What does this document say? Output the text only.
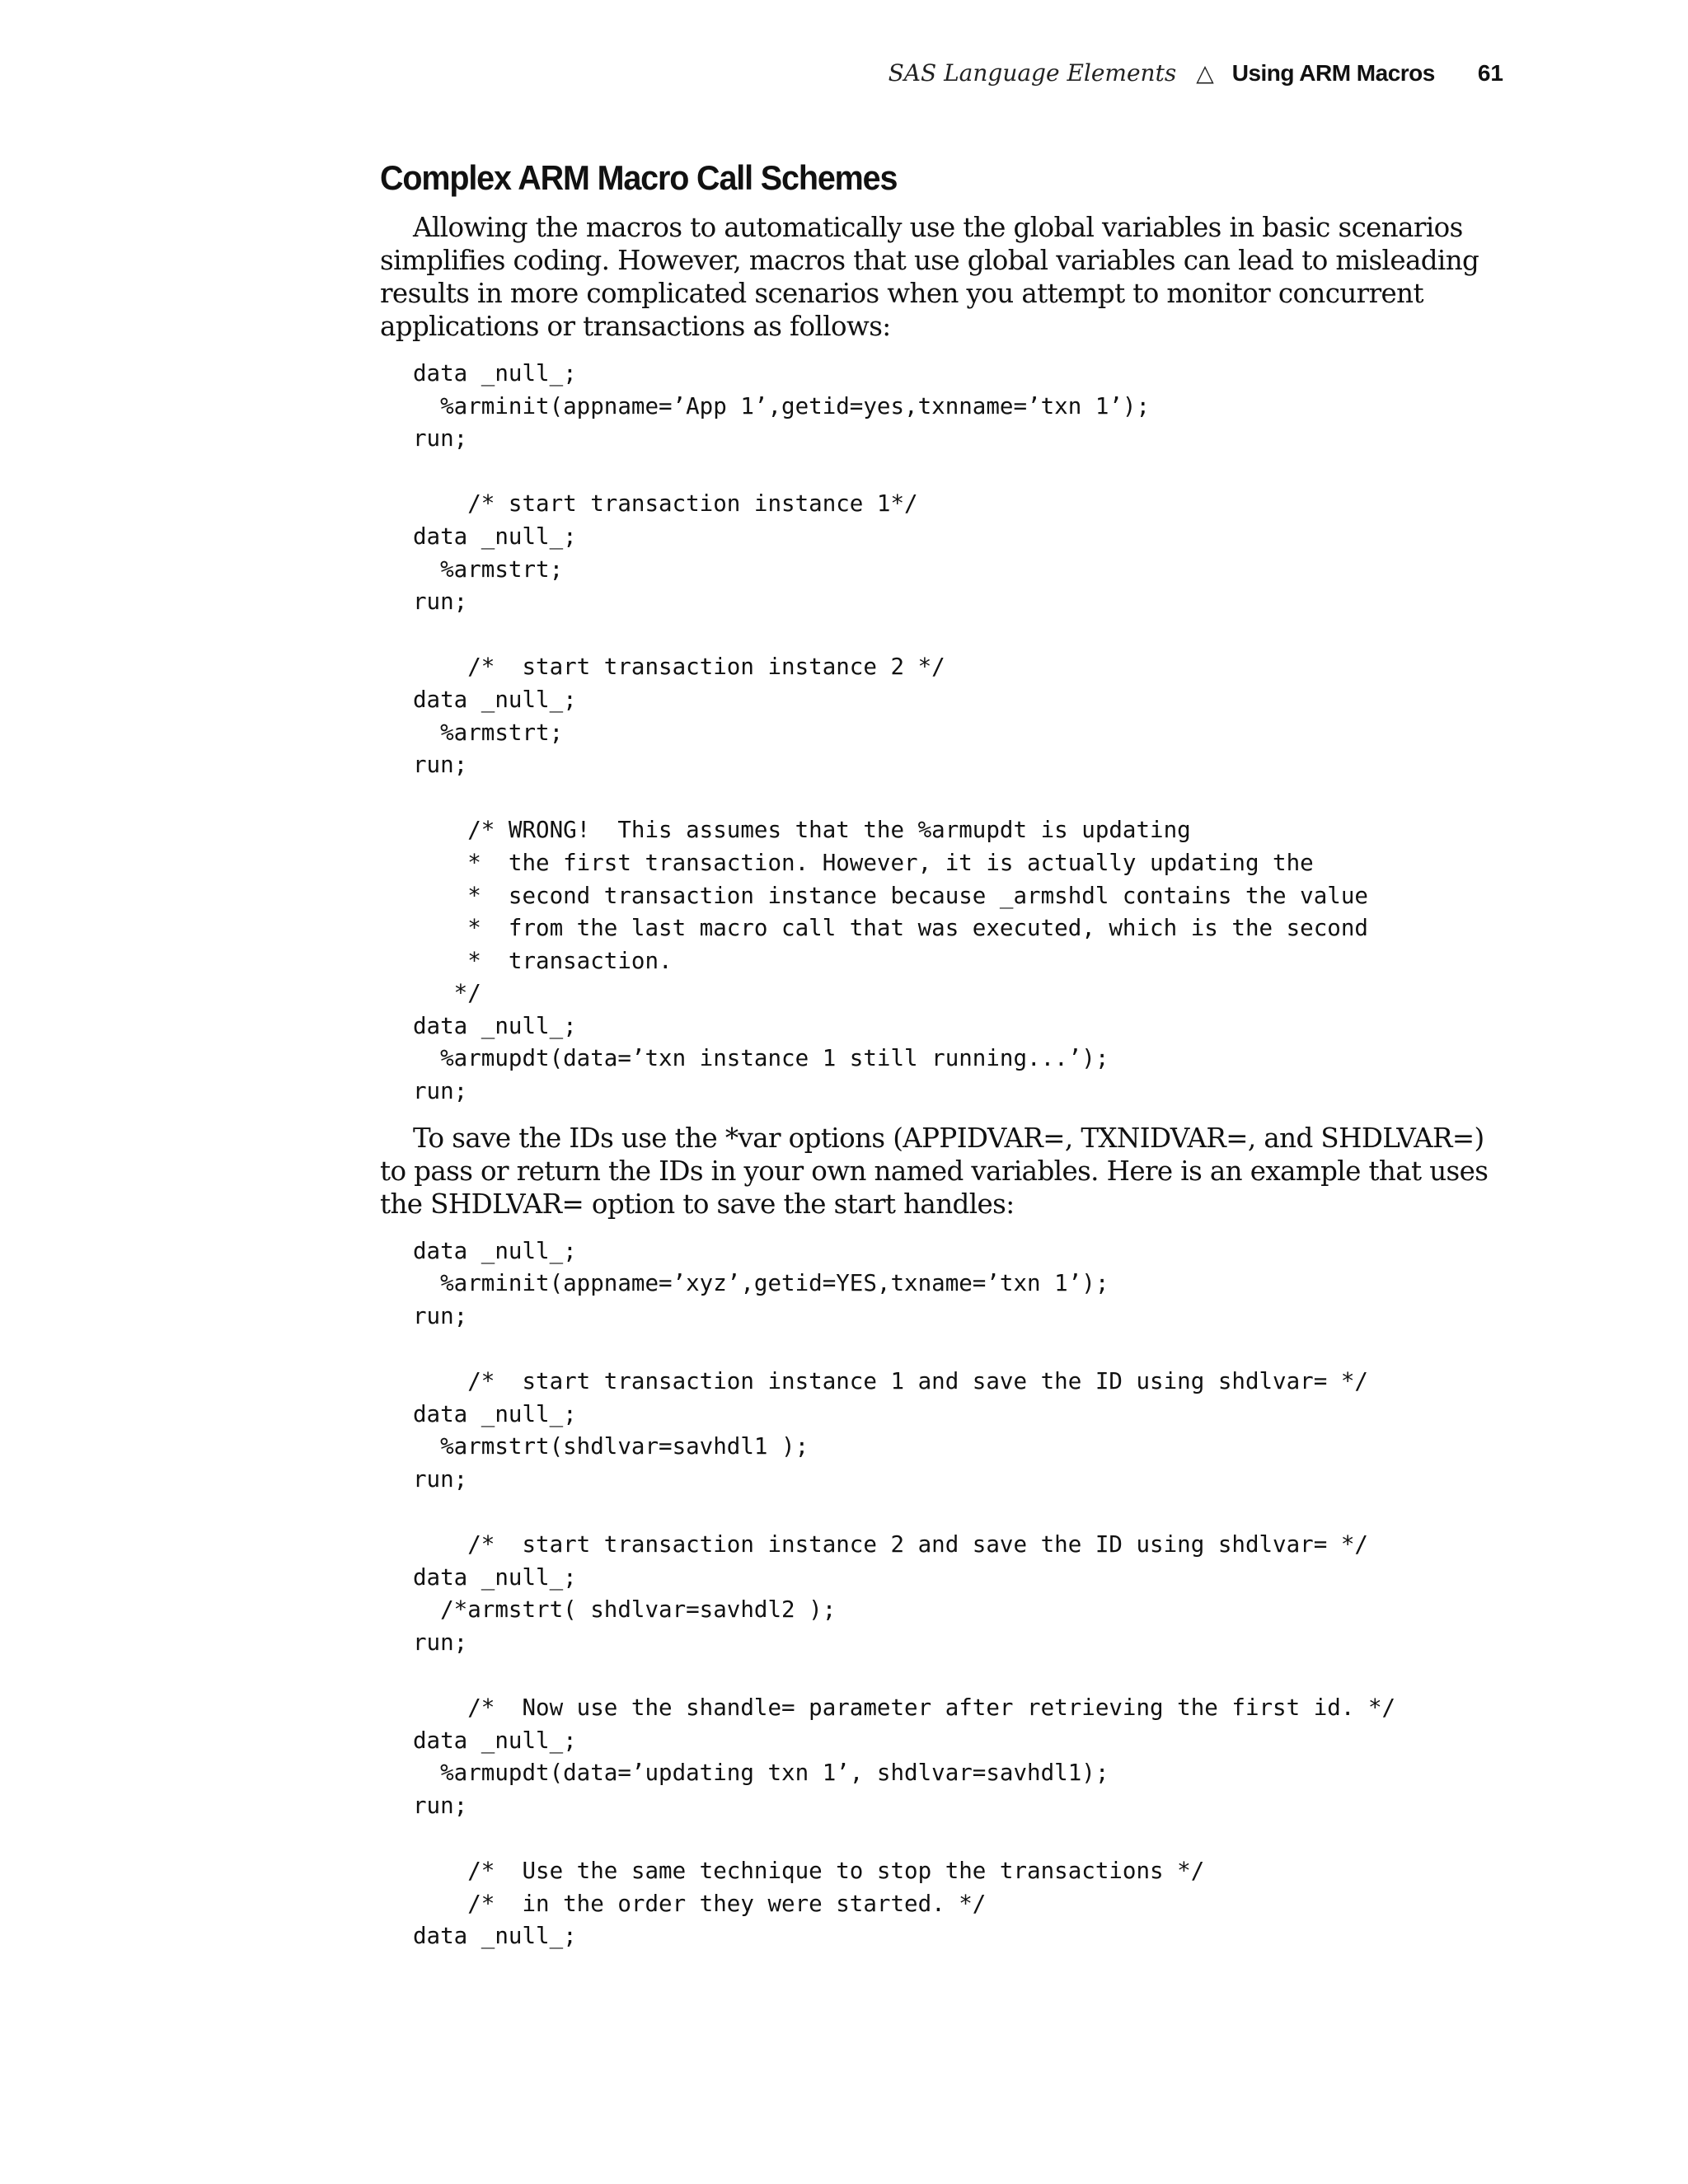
SAS Language Elements △ Using ARM Macros 61
Complex ARM Macro Call Schemes

Allowing the macros to automatically use the global variables in basic scenarios simplifies coding. However, macros that use global variables can lead to misleading results in more complicated scenarios when you attempt to monitor concurrent applications or transactions as follows:

data _null_;
%arminit(appname=’App 1’,getid=yes,txnname=’txn 1’);
run;

/* start transaction instance 1*/
data _null_;
%armstrt;
run;

/*  start transaction instance 2 */
data _null_;
%armstrt;
run;

/* WRONG!  This assumes that the %armupdt is updating
*  the first transaction. However, it is actually updating the
*  second transaction instance because _armshdl contains the value
*  from the last macro call that was executed, which is the second
*  transaction.
*/
data _null_;
%armupdt(data=’txn instance 1 still running...’);
run;

To save the IDs use the *var options (APPIDVAR=, TXNIDVAR=, and SHDLVAR=) to pass or return the IDs in your own named variables. Here is an example that uses the SHDLVAR= option to save the start handles:

data _null_;
%arminit(appname=’xyz’,getid=YES,txname=’txn 1’);
run;

/*  start transaction instance 1 and save the ID using shdlvar= */
data _null_;
%armstrt(shdlvar=savhdl1 );
run;

/*  start transaction instance 2 and save the ID using shdlvar= */
data _null_;
/*armstrt( shdlvar=savhdl2 );
run;

/*  Now use the shandle= parameter after retrieving the first id. */
data _null_;
%armupdt(data=’updating txn 1’, shdlvar=savhdl1);
run;

/*  Use the same technique to stop the transactions */
/*  in the order they were started. */
data _null_;
